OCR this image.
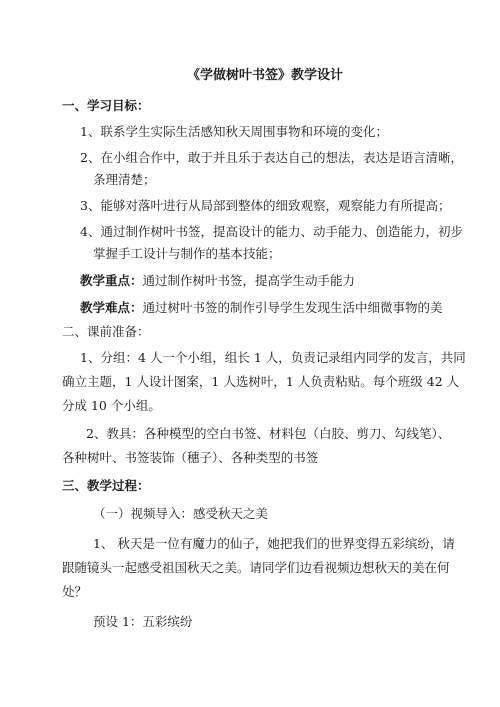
《学做树叶书签》教学设计
一、学习目标：
1、联系学生实际生活感知秋天周围事物和环境的变化；
2、在小组合作中，敢于并且乐于表达自己的想法，表达是语言清晰，
条理清楚；
3、能够对落叶进行从局部到整体的细致观察，观察能力有所提高；
4、通过制作树叶书签，提高设计的能力、动手能力、创造能力，初步
掌握手工设计与制作的基本技能；
教学重点：通过制作树叶书签，提高学生动手能力
教学难点：通过树叶书签的制作引导学生发现生活中细微事物的美
二、课前准备：
1、分组：4 人一个小组，组长 1 人，负责记录组内同学的发言，共同
确立主题，1 人设计图案，1 人选树叶，1 人负责粘贴。每个班级 42 人
分成 10 个小组。
2、教具：各种模型的空白书签、材料包（白胶、剪刀、勾线笔）、
各种树叶、书签装饰（穗子）、各种类型的书签
三、教学过程：
（一）视频导入：感受秋天之美
1、 秋天是一位有魔力的仙子，她把我们的世界变得五彩缤纷，请
跟随镜头一起感受祖国秋天之美。请同学们边看视频边想秋天的美在何
处？
预设 1：五彩缤纷
